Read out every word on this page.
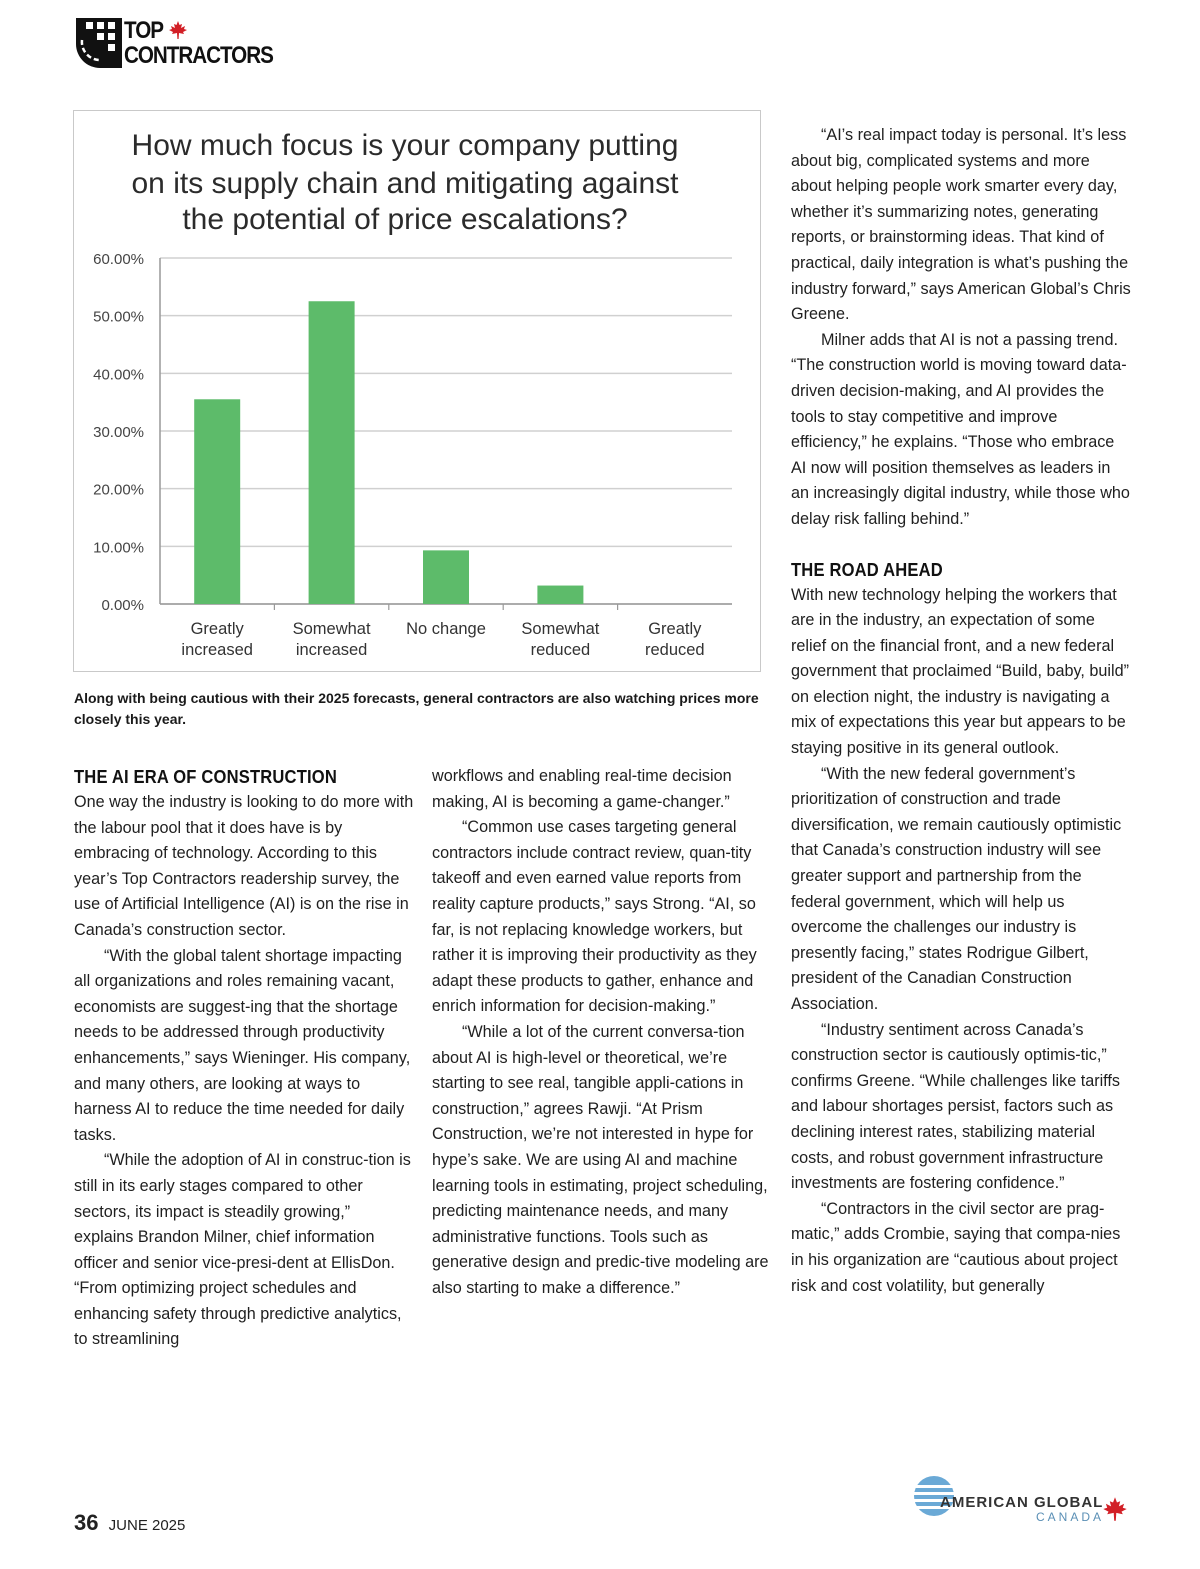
TOP
CONTRACTORS
How much focus is your company putting
on its supply chain and mitigating against
the potential of price escalations?
0.00%
10.00%
20.00%
30.00%
40.00%
50.00%
60.00%
Greatly
increased
Somewhat
increased
No change Somewhat
reduced
Greatly
reduced
Along with being cautious with their 2025 forecasts, general contractors are also watching prices more closely this year.
THE AI ERA OF CONSTRUCTION

One way the industry is looking to do more with the labour pool that it does have is by embracing of technology. According to this year’s Top Contractors readership survey, the use of Artificial Intelligence (AI) is on the rise in Canada’s construction sector.

“With the global talent shortage impacting all organizations and roles remaining vacant, economists are suggest-ing that the shortage needs to be addressed through productivity enhancements,” says Wieninger. His company, and many others, are looking at ways to harness AI to reduce the time needed for daily tasks.

“While the adoption of AI in construc-tion is still in its early stages compared to other sectors, its impact is steadily growing,” explains Brandon Milner, chief information officer and senior vice-presi-dent at EllisDon. “From optimizing project schedules and enhancing safety through predictive analytics, to streamlining

workflows and enabling real-time decision making, AI is becoming a game-changer.”

“Common use cases targeting general contractors include contract review, quan-tity takeoff and even earned value reports from reality capture products,” says Strong. “AI, so far, is not replacing knowledge workers, but rather it is improving their productivity as they adapt these products to gather, enhance and enrich information for decision-making.”

“While a lot of the current conversa-tion about AI is high-level or theoretical, we’re starting to see real, tangible appli-cations in construction,” agrees Rawji. “At Prism Construction, we’re not interested in hype for hype’s sake. We are using AI and machine learning tools in estimating, project scheduling, predicting maintenance needs, and many administrative functions. Tools such as generative design and predic-tive modeling are also starting to make a difference.”

“AI’s real impact today is personal. It’s less about big, complicated systems and more about helping people work smarter every day, whether it’s summarizing notes, generating reports, or brainstorming ideas. That kind of practical, daily integration is what’s pushing the industry forward,” says American Global’s Chris Greene.

Milner adds that AI is not a passing trend. “The construction world is moving toward data-driven decision-making, and AI provides the tools to stay competitive and improve efficiency,” he explains. “Those who embrace AI now will position themselves as leaders in an increasingly digital industry, while those who delay risk falling behind.”

THE ROAD AHEAD

With new technology helping the workers that are in the industry, an expectation of some relief on the financial front, and a new federal government that proclaimed “Build, baby, build” on election night, the industry is navigating a mix of expectations this year but appears to be staying positive in its general outlook.

“With the new federal government’s prioritization of construction and trade diversification, we remain cautiously optimistic that Canada’s construction industry will see greater support and partnership from the federal government, which will help us overcome the challenges our industry is presently facing,” states Rodrigue Gilbert, president of the Canadian Construction Association.

“Industry sentiment across Canada’s construction sector is cautiously optimis-tic,” confirms Greene. “While challenges like tariffs and labour shortages persist, factors such as declining interest rates, stabilizing material costs, and robust government infrastructure investments are fostering confidence.”

“Contractors in the civil sector are prag-matic,” adds Crombie, saying that compa-nies in his organization are “cautious about project risk and cost volatility, but generally

36 JUNE 2025
AMERICAN GLOBAL
CANADA
